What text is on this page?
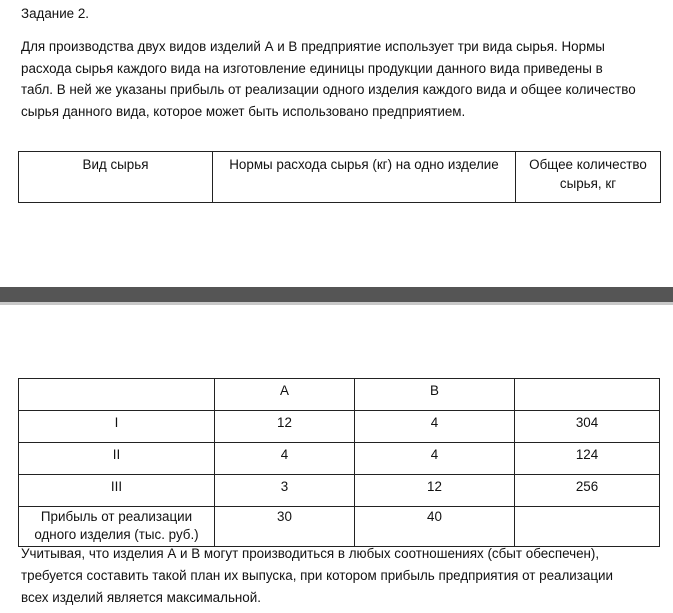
Задание 2.
Для производства двух видов изделий А и В предприятие использует три вида сырья. Нормы
расхода сырья каждого вида на изготовление единицы продукции данного вида приведены в
табл. В ней же указаны прибыль от реализации одного изделия каждого вида и общее количество
сырья данного вида, которое может быть использовано предприятием.
Вид сырья	Нормы расхода сырья (кг) на одно изделие	Общее количество
сырья, кг
	А	В	
I	12	4	304
II	4	4	124
III	3	12	256

Прибыль от реализации
одного изделия (тыс. руб.)	30	40	
Учитывая, что изделия А и В могут производиться в любых соотношениях (сбыт обеспечен),
требуется составить такой план их выпуска, при котором прибыль предприятия от реализации
всех изделий является максимальной.
